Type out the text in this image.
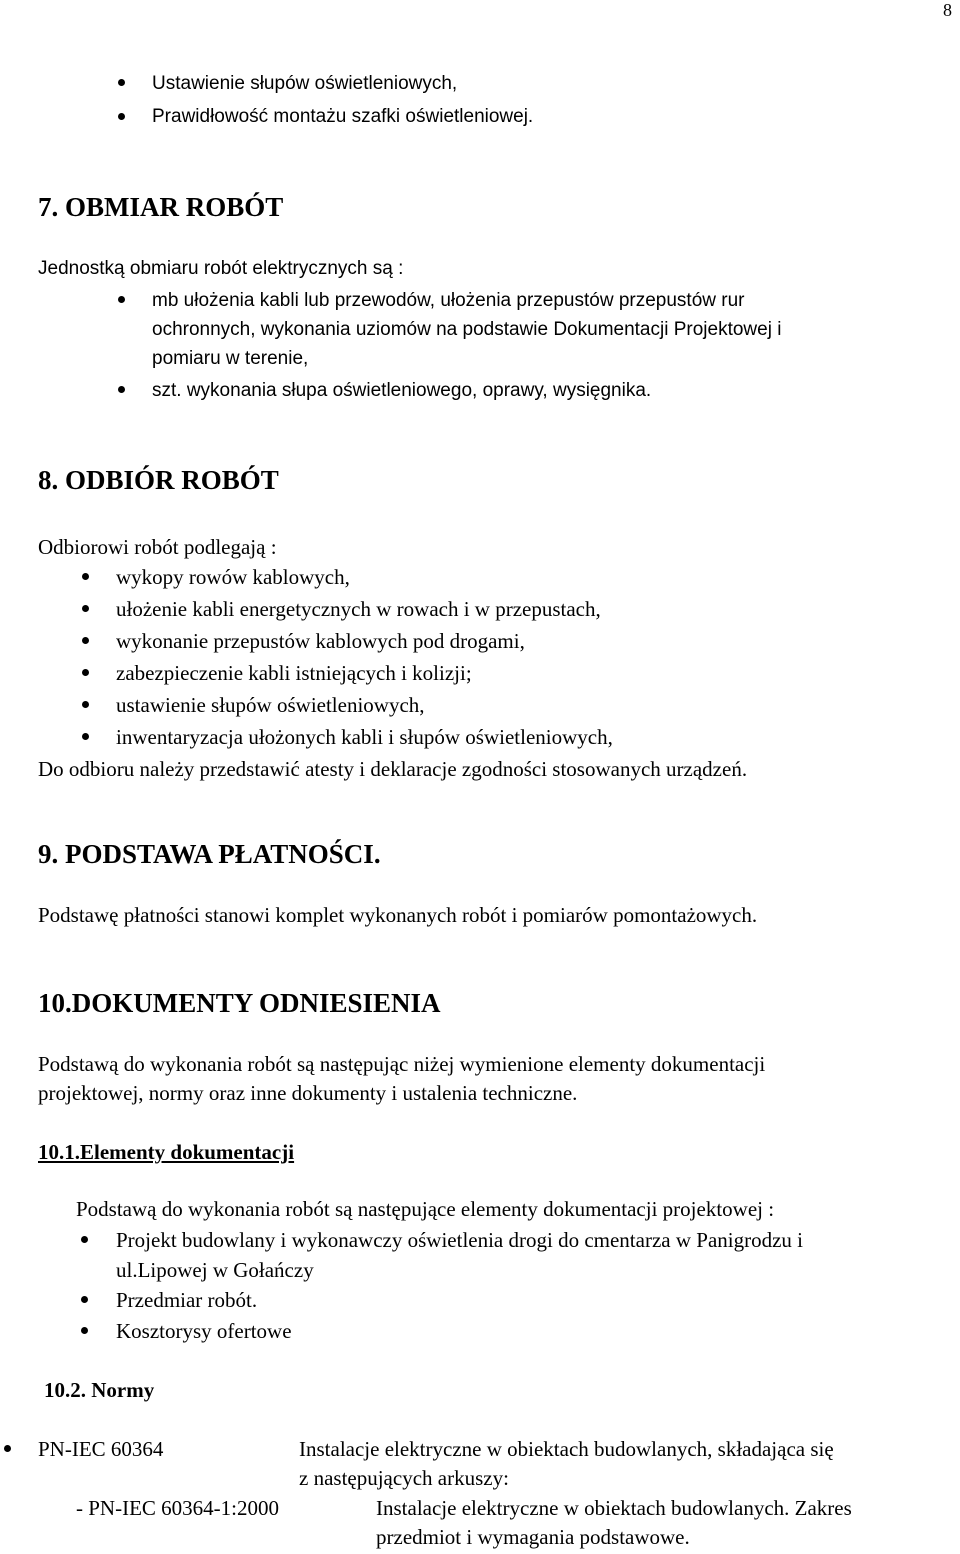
8
Ustawienie słupów oświetleniowych,
Prawidłowość montażu szafki oświetleniowej.
7. OBMIAR ROBÓT
Jednostką obmiaru robót elektrycznych są :
mb ułożenia kabli lub przewodów, ułożenia przepustów przepustów rur
ochronnych, wykonania uziomów na podstawie Dokumentacji Projektowej i
pomiaru w terenie,
szt. wykonania słupa oświetleniowego, oprawy, wysięgnika.
8. ODBIÓR ROBÓT
Odbiorowi robót podlegają :
wykopy rowów kablowych,
ułożenie kabli energetycznych w rowach i w przepustach,
wykonanie przepustów kablowych pod drogami,
zabezpieczenie kabli istniejących i kolizji;
ustawienie słupów oświetleniowych,
inwentaryzacja ułożonych kabli i słupów oświetleniowych,
Do odbioru należy przedstawić atesty i deklaracje zgodności stosowanych urządzeń.
9. PODSTAWA PŁATNOŚCI.
Podstawę płatności stanowi komplet wykonanych robót i pomiarów pomontażowych.
10.DOKUMENTY ODNIESIENIA
Podstawą do wykonania robót są następując niżej wymienione elementy dokumentacji
projektowej, normy oraz inne dokumenty i ustalenia techniczne.
10.1.Elementy dokumentacji
Podstawą do wykonania robót są następujące elementy dokumentacji projektowej :
Projekt budowlany i wykonawczy oświetlenia drogi do cmentarza w Panigrodzu i
ul.Lipowej w Gołańczy
Przedmiar robót.
Kosztorysy ofertowe
10.2. Normy
PN-IEC 60364	Instalacje elektryczne w obiektach budowlanych, składająca się
z następujących arkuszy:
- PN-IEC 60364-1:2000	Instalacje elektryczne w obiektach budowlanych. Zakres
przedmiot i wymagania podstawowe.
